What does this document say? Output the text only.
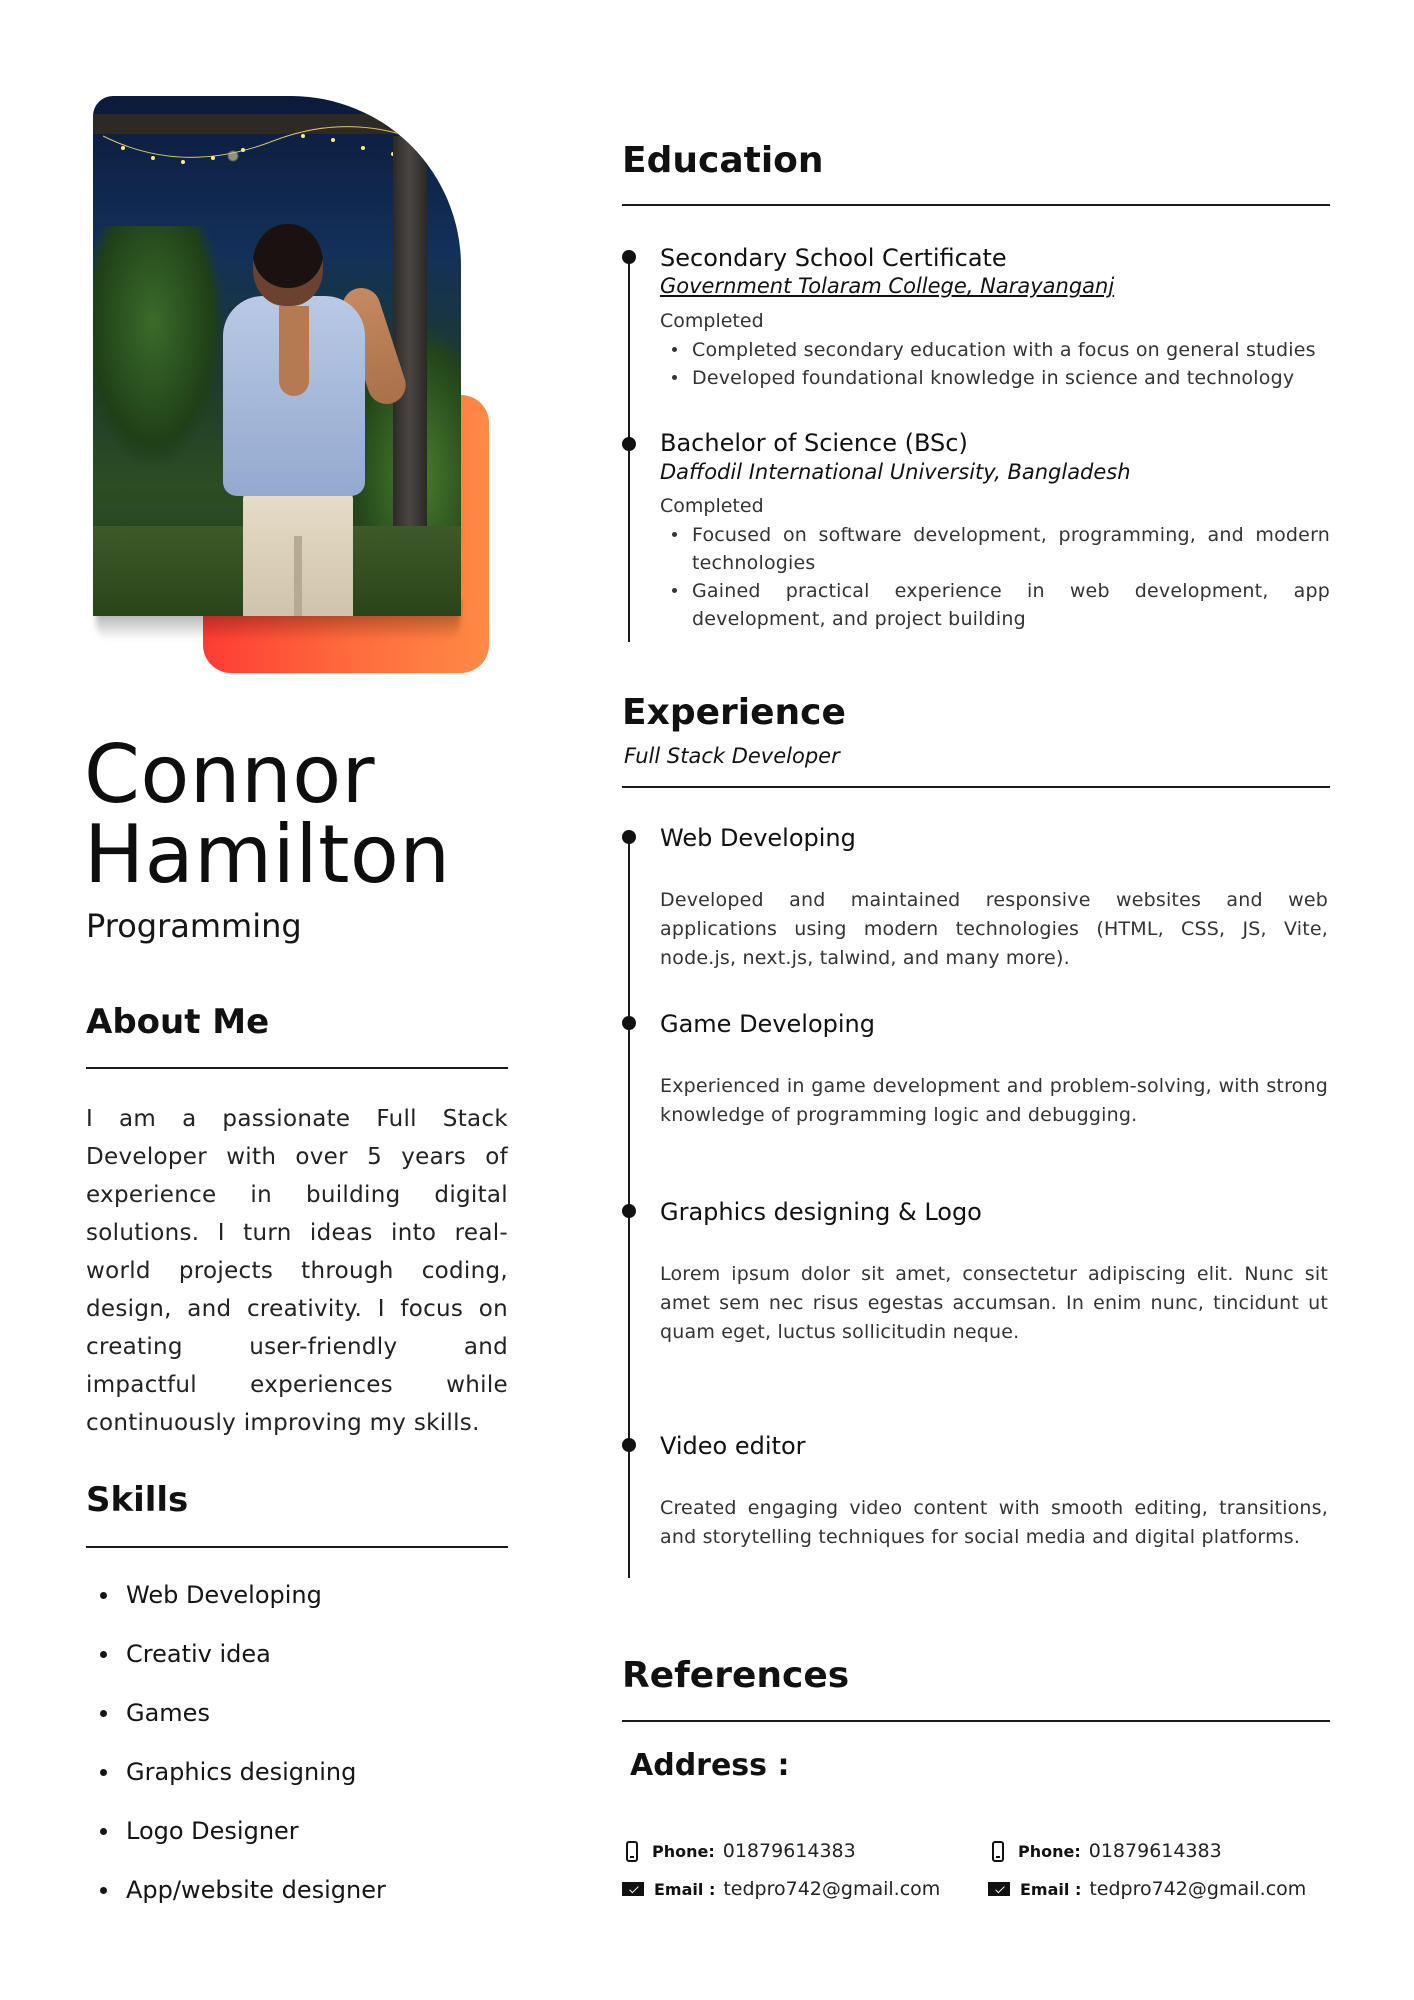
Connor
Hamilton
Programming
About Me
I am a passionate Full Stack Developer with over 5 years of experience in building digital solutions. I turn ideas into real-world projects through coding, design, and creativity. I focus on creating user-friendly and impactful experiences while continuously improving my skills.
Skills
Web Developing
Creativ idea
Games
Graphics designing
Logo Designer
App/website designer
Education
Secondary School Certificate
Government Tolaram College, Narayanganj
Completed
Completed secondary education with a focus on general studies
Developed foundational knowledge in science and technology
Bachelor of Science (BSc)
Daffodil International University, Bangladesh
Completed
Focused on software development, programming, and modern technologies
Gained practical experience in web development, app development, and project building
Experience
Full Stack Developer
Web Developing
Developed and maintained responsive websites and web applications using modern technologies (HTML, CSS, JS, Vite, node.js, next.js, talwind, and many more).
Game Developing
Experienced in game development and problem-solving, with strong knowledge of programming logic and debugging.
Graphics designing & Logo
Lorem ipsum dolor sit amet, consectetur adipiscing elit. Nunc sit amet sem nec risus egestas accumsan. In enim nunc, tincidunt ut quam eget, luctus sollicitudin neque.
Video editor
Created engaging video content with smooth editing, transitions, and storytelling techniques for social media and digital platforms.
References
Address :
Phone: 01879614383
Email : tedpro742@gmail.com
Phone: 01879614383
Email : tedpro742@gmail.com
